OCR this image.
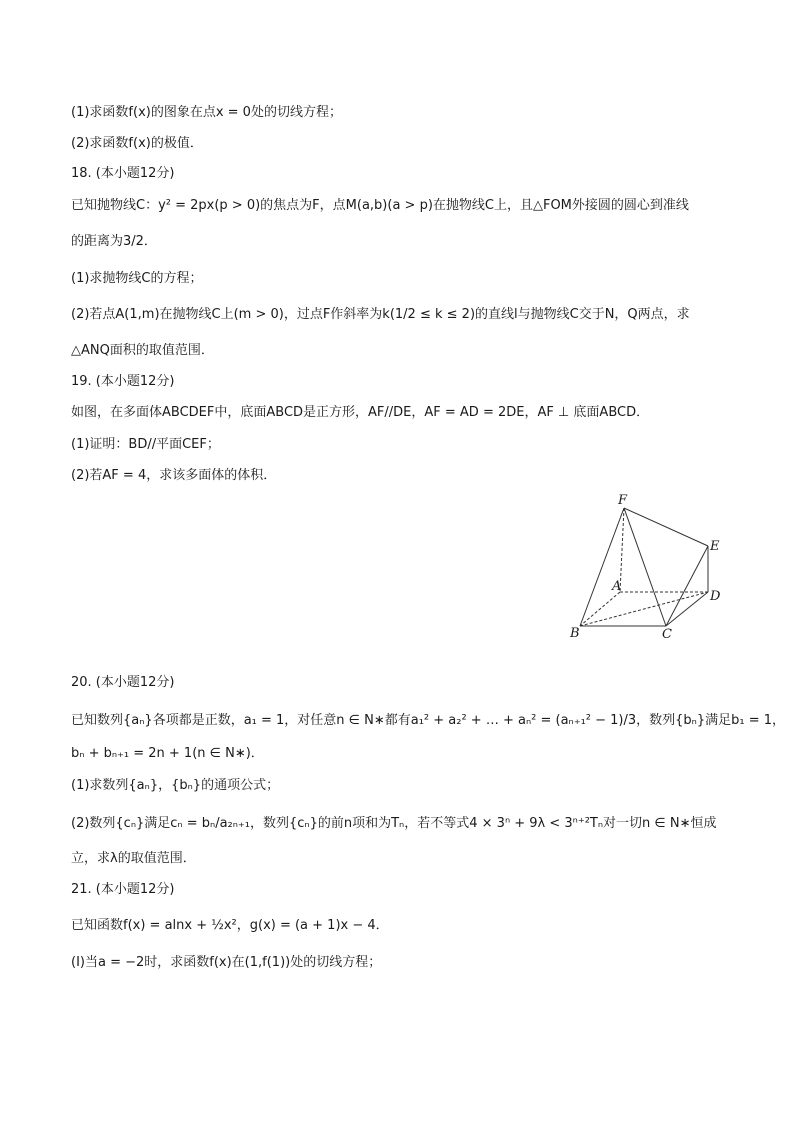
(1)求函数f(x)的图象在点x = 0处的切线方程；
(2)求函数f(x)的极值．
18. (本小题12分)
已知抛物线C：y² = 2px(p > 0)的焦点为F，点M(a,b)(a > p)在抛物线C上，且△FOM外接圆的圆心到准线
的距离为3/2．
(1)求抛物线C的方程；
(2)若点A(1,m)在抛物线C上(m > 0)，过点F作斜率为k(1/2 ≤ k ≤ 2)的直线l与抛物线C交于N，Q两点，求
△ANQ面积的取值范围．
19. (本小题12分)
如图，在多面体ABCDEF中，底面ABCD是正方形，AF//DE，AF = AD = 2DE，AF ⊥ 底面ABCD．
(1)证明：BD//平面CEF；
(2)若AF = 4，求该多面体的体积．
F
E
A
D
B	C
20. (本小题12分)
已知数列{aₙ}各项都是正数，a₁ = 1，对任意n ∈ N∗都有a₁² + a₂² + … + aₙ² = (aₙ₊₁² − 1)/3，数列{bₙ}满足b₁ = 1，
bₙ + bₙ₊₁ = 2n + 1(n ∈ N∗)．
(1)求数列{aₙ}，{bₙ}的通项公式；
(2)数列{cₙ}满足cₙ = bₙ/a₂ₙ₊₁，数列{cₙ}的前n项和为Tₙ，若不等式4 × 3ⁿ + 9λ < 3ⁿ⁺²Tₙ对一切n ∈ N∗恒成
立，求λ的取值范围．
21. (本小题12分)
已知函数f(x) = alnx + ½x²，g(x) = (a + 1)x − 4．
(Ⅰ)当a = −2时，求函数f(x)在(1,f(1))处的切线方程；
